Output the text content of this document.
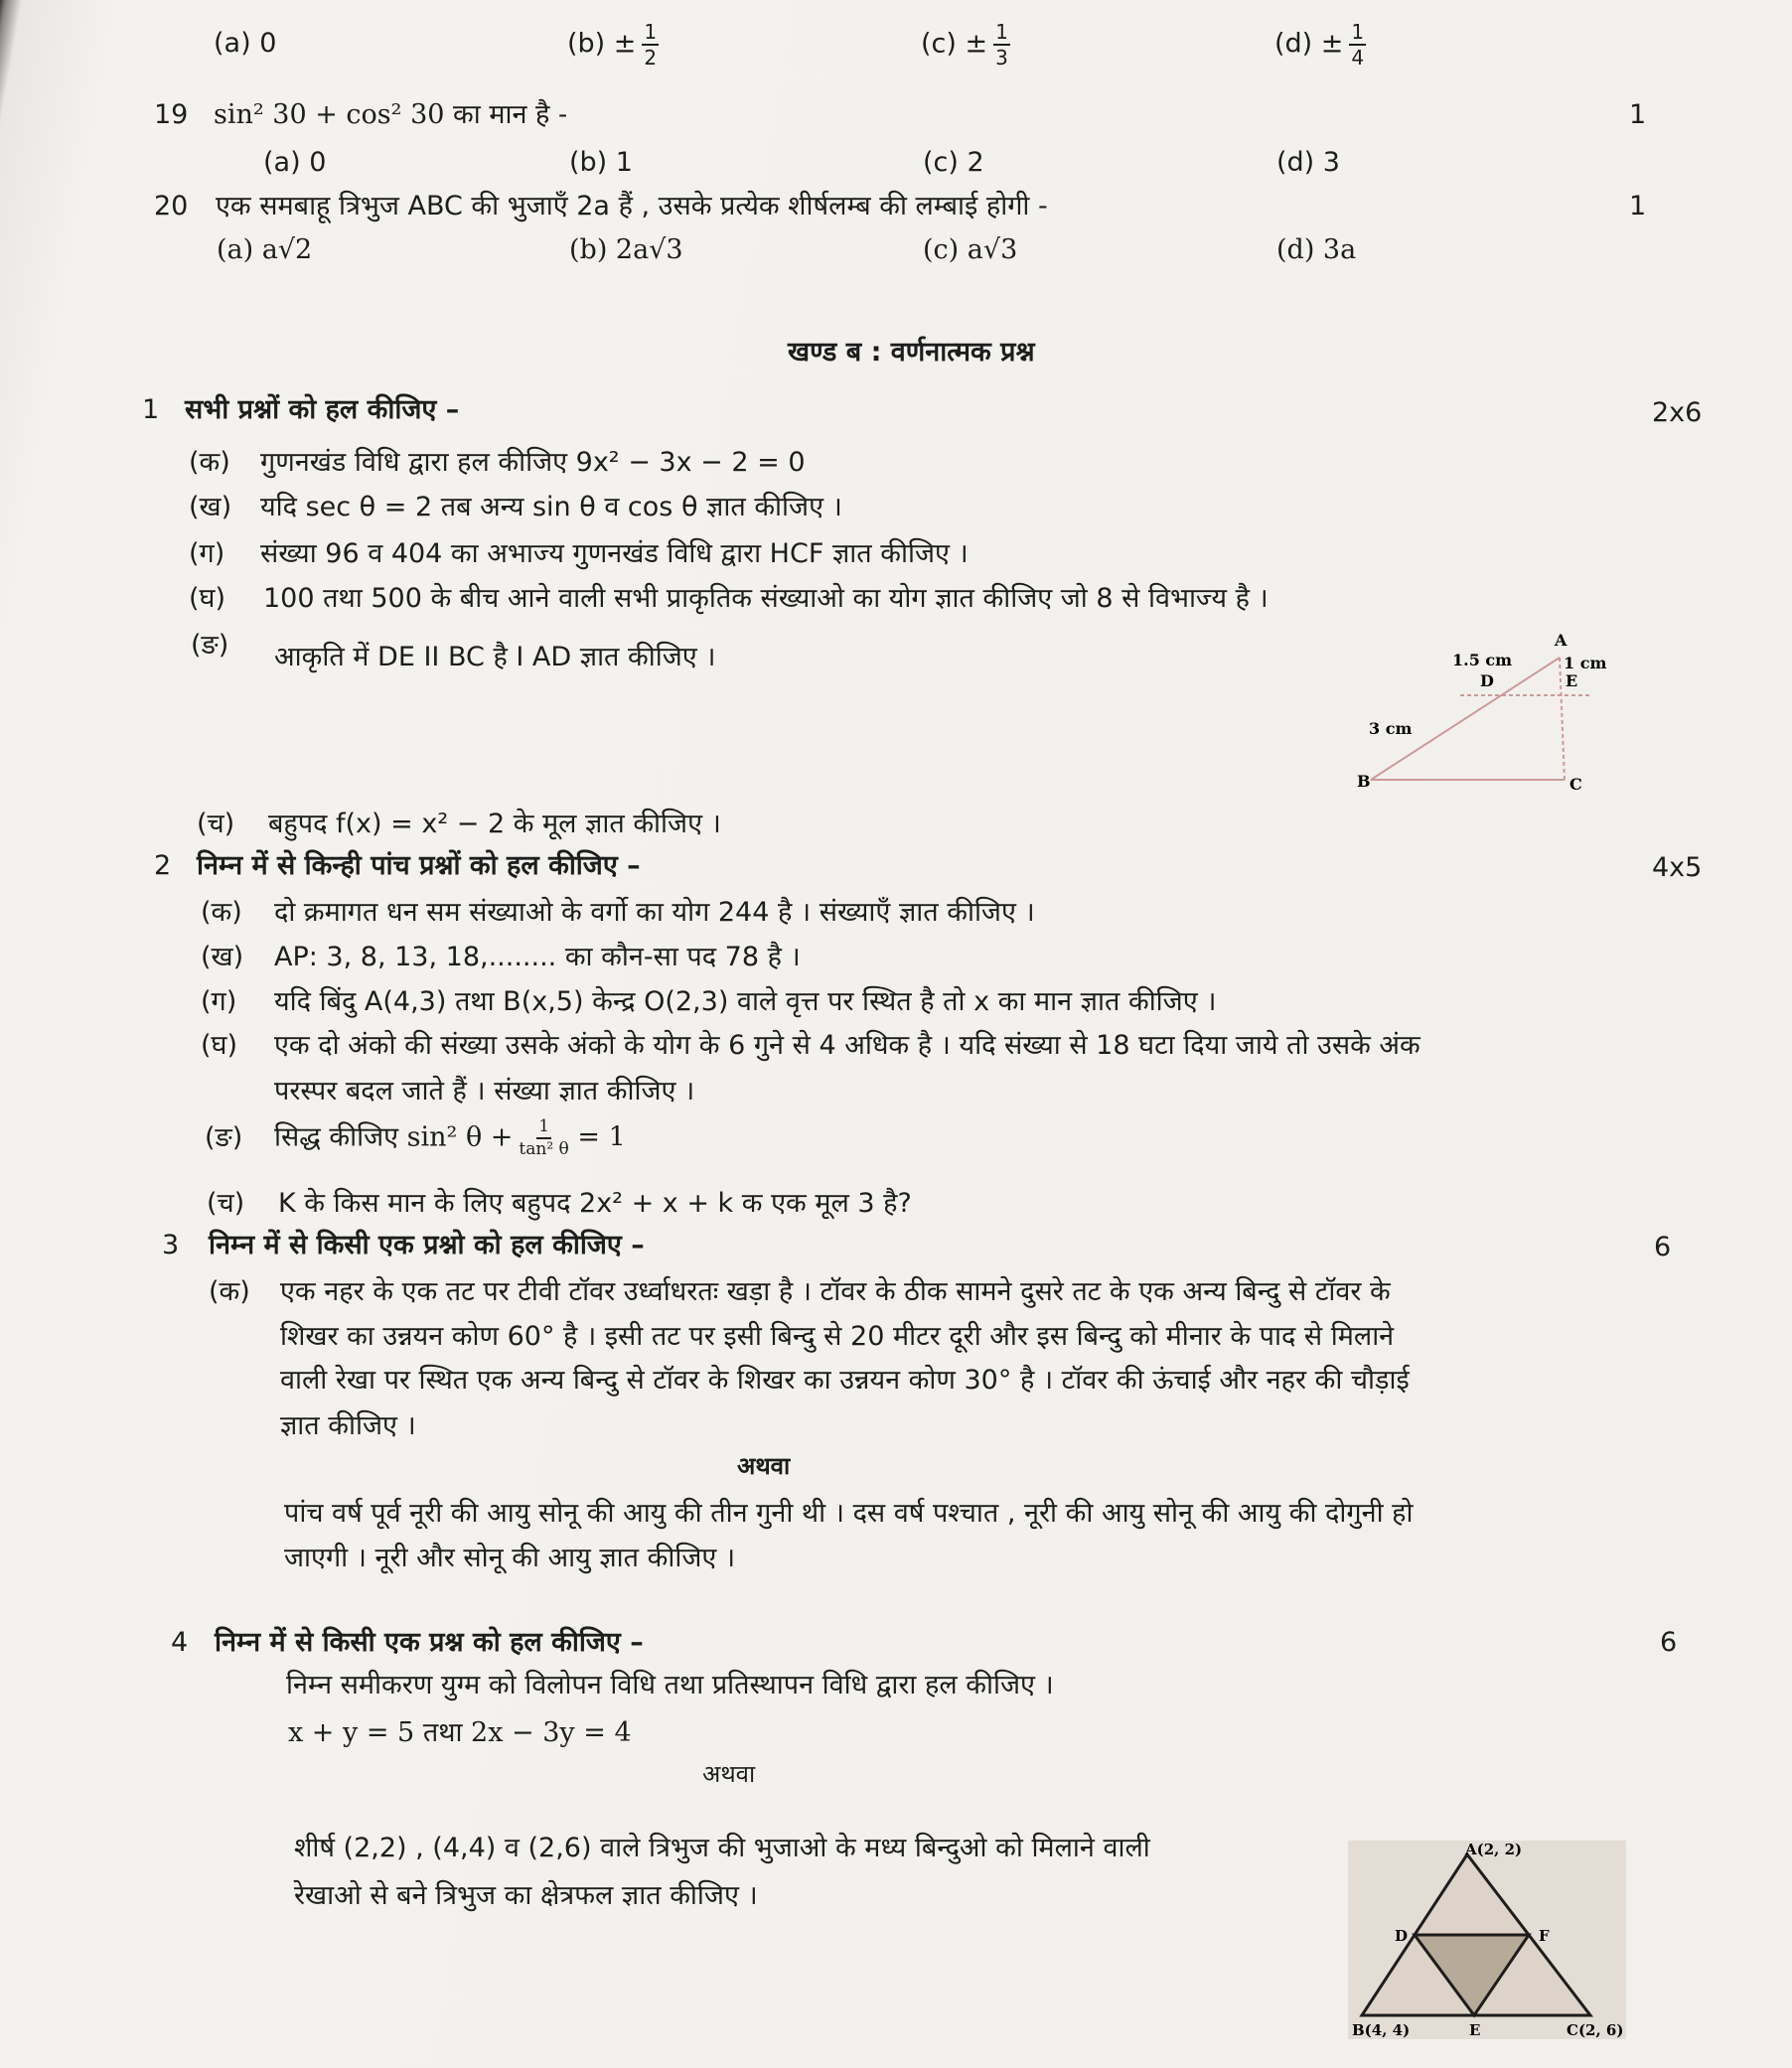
(a) 0	$(b) \pm \frac{1}{2}$	$(c) \pm \frac{1}{3}$	$(d) \pm \frac{1}{4}$
19 sin² 30 + cos² 30 का मान है -	1
(a) 0	(b) 1	(c) 2	(d) 3
20 एक समबाहू त्रिभुज ABC की भुजाएँ 2a हैं , उसके प्रत्येक शीर्षलम्ब की लम्बाई होगी -	1
(a) a√2	(b) 2a√3	(c) a√3	(d) 3a
खण्ड ब : वर्णनात्मक प्रश्न
1 सभी प्रश्नों को हल कीजिए –	2x6
(क) गुणनखंड विधि द्वारा हल कीजिए 9x² − 3x − 2 = 0
(ख) यदि sec θ = 2 तब अन्य sin θ व cos θ ज्ञात कीजिए ।
(ग) संख्या 96 व 404 का अभाज्य गुणनखंड विधि द्वारा HCF ज्ञात कीजिए ।
(घ) 100 तथा 500 के बीच आने वाली सभी प्राकृतिक संख्याओ का योग ज्ञात कीजिए जो 8 से विभाज्य है ।
(ङ) आकृति में DE II BC है I AD ज्ञात कीजिए ।
A
B	C
D	E
1.5 cm	1 cm
3 cm
(च) बहुपद f(x) = x² − 2 के मूल ज्ञात कीजिए ।
2 निम्न में से किन्ही पांच प्रश्नों को हल कीजिए –	4x5
(क) दो क्रमागत धन सम संख्याओ के वर्गो का योग 244 है । संख्याएँ ज्ञात कीजिए ।
(ख) AP: 3, 8, 13, 18,........ का कौन-सा पद 78 है ।
(ग) यदि बिंदु A(4,3) तथा B(x,5) केन्द्र O(2,3) वाले वृत्त पर स्थित है तो x का मान ज्ञात कीजिए ।
(घ) एक दो अंको की संख्या उसके अंको के योग के 6 गुने से 4 अधिक है । यदि संख्या से 18 घटा दिया जाये तो उसके अंक
परस्पर बदल जाते हैं । संख्या ज्ञात कीजिए ।
(ङ) सिद्ध कीजिए sin² $\theta + \frac{1}{\text{tan² θ}} = 1$
(च) K के किस मान के लिए बहुपद 2x² + x + k क एक मूल 3 है?
3 निम्न में से किसी एक प्रश्नो को हल कीजिए –	6
(क) एक नहर के एक तट पर टीवी टॉवर उर्ध्वाधरतः खड़ा है । टॉवर के ठीक सामने दुसरे तट के एक अन्य बिन्दु से टॉवर के
शिखर का उन्नयन कोण 60° है । इसी तट पर इसी बिन्दु से 20 मीटर दूरी और इस बिन्दु को मीनार के पाद से मिलाने
वाली रेखा पर स्थित एक अन्य बिन्दु से टॉवर के शिखर का उन्नयन कोण 30° है । टॉवर की ऊंचाई और नहर की चौड़ाई
ज्ञात कीजिए ।
अथवा
पांच वर्ष पूर्व नूरी की आयु सोनू की आयु की तीन गुनी थी । दस वर्ष पश्चात , नूरी की आयु सोनू की आयु की दोगुनी हो
जाएगी । नूरी और सोनू की आयु ज्ञात कीजिए ।
4 निम्न में से किसी एक प्रश्न को हल कीजिए –	6
निम्न समीकरण युग्म को विलोपन विधि तथा प्रतिस्थापन विधि द्वारा हल कीजिए ।
x + y = 5 तथा 2x − 3y = 4
अथवा
शीर्ष (2,2) , (4,4) व (2,6) वाले त्रिभुज की भुजाओ के मध्य बिन्दुओ को मिलाने वाली
रेखाओ से बने त्रिभुज का क्षेत्रफल ज्ञात कीजिए ।
A(2, 2)
B(4, 4)	C(2, 6)
D
E
F
